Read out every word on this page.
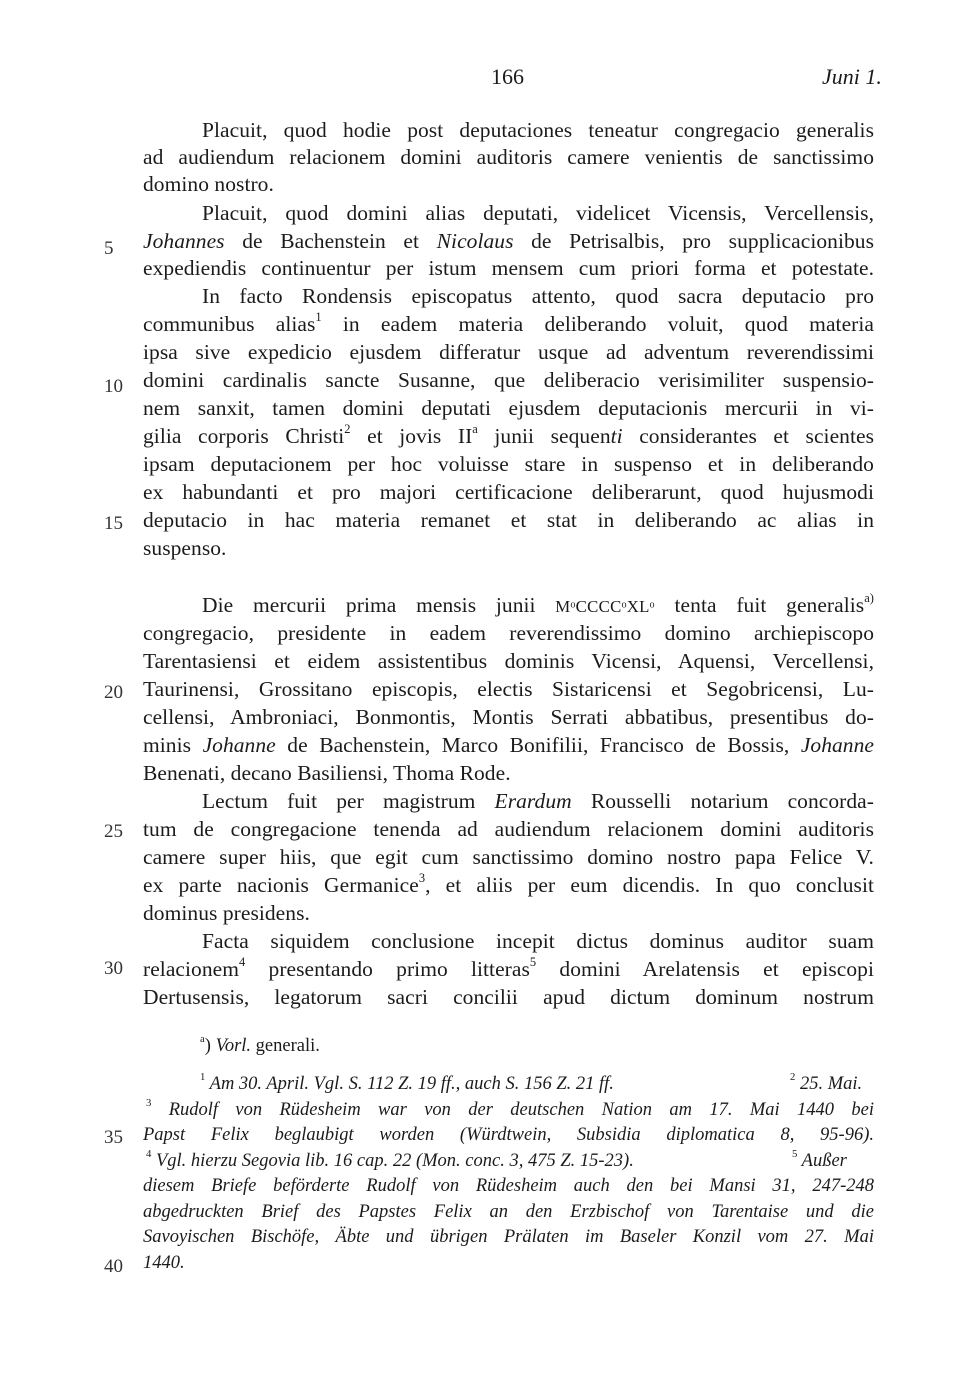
166	Juni 1.
5
10
15
20
25
30
35
40
Placuit, quod hodie post deputaciones teneatur congregacio generalis
ad audiendum relacionem domini auditoris camere venientis de sanctissimo
domino nostro.
Placuit, quod domini alias deputati, videlicet Vicensis, Vercellensis,
Johannes de Bachenstein et Nicolaus de Petrisalbis, pro supplicacionibus
expediendis continuentur per istum mensem cum priori forma et potestate.
In facto Rondensis episcopatus attento, quod sacra deputacio pro
communibus alias$^1$ in eadem materia deliberando voluit, quod materia
ipsa sive expedicio ejusdem differatur usque ad adventum reverendissimi
domini cardinalis sancte Susanne, que deliberacio verisimiliter suspensio-
nem sanxit, tamen domini deputati ejusdem deputacionis mercurii in vi-
gilia corporis Christi$^2$ et jovis $II^a$ junii sequenti considerantes et scientes
ipsam deputacionem per hoc voluisse stare in suspenso et in deliberando
ex habundanti et pro majori certificacione deliberarunt, quod hujusmodi
deputacio in hac materia remanet et stat in deliberando ac alias in
suspenso.
Die mercurii prima mensis junii MᵒCCCCᵒXLᵒ tenta fuit generalis$^{a)}$
congregacio, presidente in eadem reverendissimo domino archiepiscopo
Tarentasiensi et eidem assistentibus dominis Vicensi, Aquensi, Vercellensi,
Taurinensi, Grossitano episcopis, electis Sistaricensi et Segobricensi, Lu-
cellensi, Ambroniaci, Bonmontis, Montis Serrati abbatibus, presentibus do-
minis Johanne de Bachenstein, Marco Bonifilii, Francisco de Bossis, Johanne
Benenati, decano Basiliensi, Thoma Rode.
Lectum fuit per magistrum Erardum Rousselli notarium concorda-
tum de congregacione tenenda ad audiendum relacionem domini auditoris
camere super hiis, que egit cum sanctissimo domino nostro papa Felice V.
ex parte nacionis Germanice$^3$, et aliis per eum dicendis. In quo conclusit
dominus presidens.
Facta siquidem conclusione incepit dictus dominus auditor suam
relacionem$^4$ presentando primo litteras$^5$ domini Arelatensis et episcopi
Dertusensis, legatorum sacri concilii apud dictum dominum nostrum
$^a$) Vorl. generali.
$^1$ Am 30. April. Vgl. S. 112 Z. 19 ff., auch S. 156 Z. 21 ff.	$^2$ 25. Mai.
$^3$ Rudolf von Rüdesheim war von der deutschen Nation am 17. Mai 1440 bei
Papst Felix beglaubigt worden (Würdtwein, Subsidia diplomatica 8, 95-96).
$^4$ Vgl. hierzu Segovia lib. 16 cap. 22 (Mon. conc. 3, 475 Z. 15-23).	$^5$ Außer
diesem Briefe beförderte Rudolf von Rüdesheim auch den bei Mansi 31, 247-248
abgedruckten Brief des Papstes Felix an den Erzbischof von Tarentaise und die
Savoyischen Bischöfe, Äbte und übrigen Prälaten im Baseler Konzil vom 27. Mai
1440.
